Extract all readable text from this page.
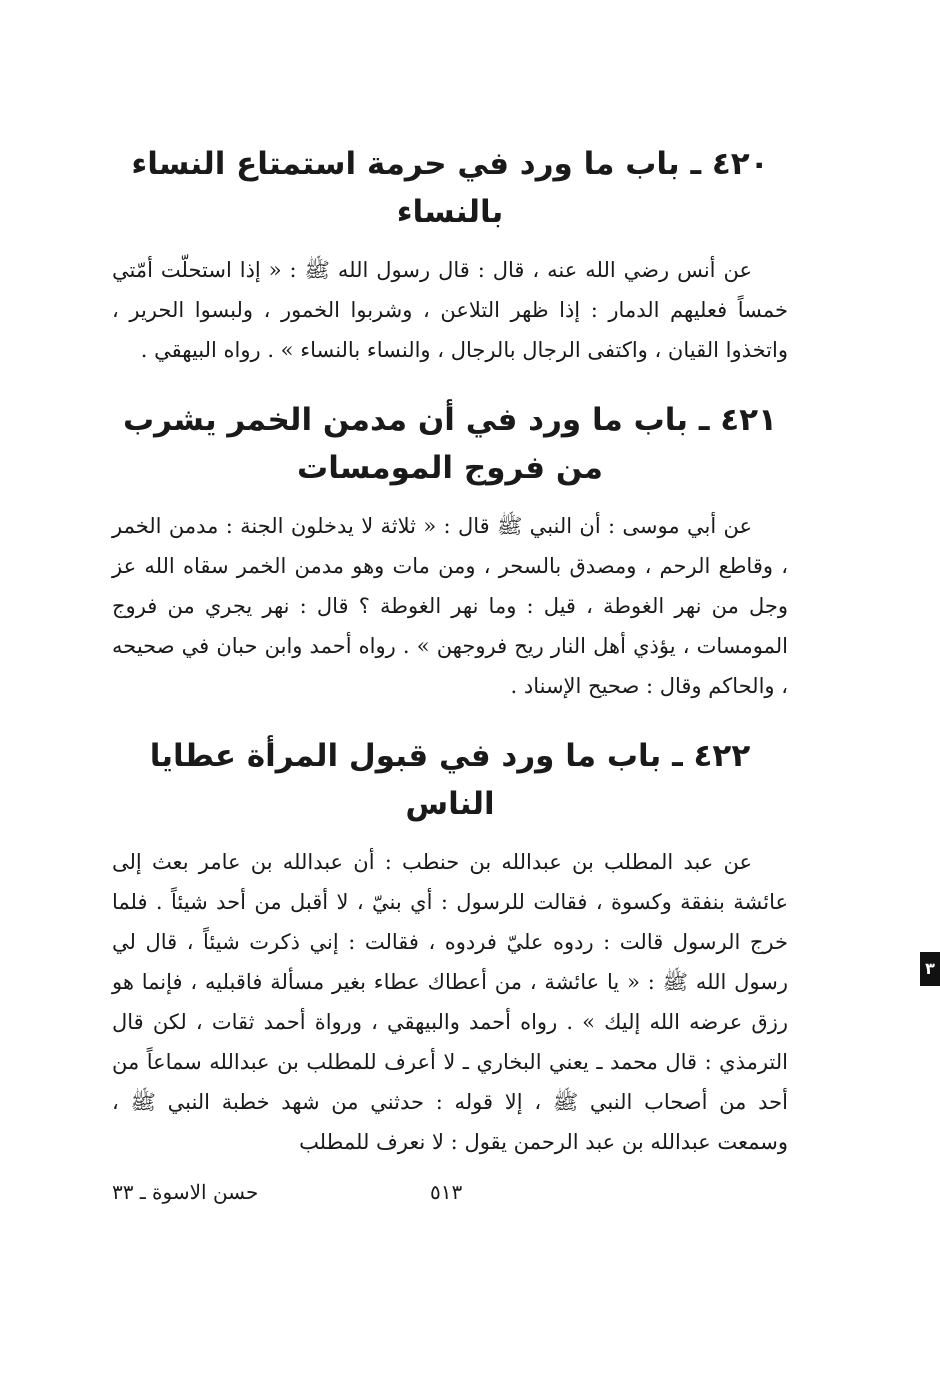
٤٢٠ ـ باب ما ورد في حرمة استمتاع النساء بالنساء

عن أنس رضي الله عنه ، قال : قال رسول الله ﷺ : « إذا استحلّت أمّتي خمساً فعليهم الدمار : إذا ظهر التلاعن ، وشربوا الخمور ، ولبسوا الحرير ، واتخذوا القيان ، واكتفى الرجال بالرجال ، والنساء بالنساء » . رواه البيهقي .

٤٢١ ـ باب ما ورد في أن مدمن الخمر يشرب من فروج المومسات

عن أبي موسى : أن النبي ﷺ قال : « ثلاثة لا يدخلون الجنة : مدمن الخمر ، وقاطع الرحم ، ومصدق بالسحر ، ومن مات وهو مدمن الخمر سقاه الله عز وجل من نهر الغوطة ، قيل : وما نهر الغوطة ؟ قال : نهر يجري من فروج المومسات ، يؤذي أهل النار ريح فروجهن » . رواه أحمد وابن حبان في صحيحه ، والحاكم وقال : صحيح الإسناد .

٤٢٢ ـ باب ما ورد في قبول المرأة عطايا الناس

عن عبد المطلب بن عبدالله بن حنطب : أن عبدالله بن عامر بعث إلى عائشة بنفقة وكسوة ، فقالت للرسول : أي بنيّ ، لا أقبل من أحد شيئاً . فلما خرج الرسول قالت : ردوه عليّ فردوه ، فقالت : إني ذكرت شيئاً ، قال لي رسول الله ﷺ : « يا عائشة ، من أعطاك عطاء بغير مسألة فاقبليه ، فإنما هو رزق عرضه الله إليك » . رواه أحمد والبيهقي ، ورواة أحمد ثقات ، لكن قال الترمذي : قال محمد ـ يعني البخاري ـ لا أعرف للمطلب بن عبدالله سماعاً من أحد من أصحاب النبي ﷺ ، إلا قوله : حدثني من شهد خطبة النبي ﷺ ، وسمعت عبدالله بن عبد الرحمن يقول : لا نعرف للمطلب

٥١٣
حسن الاسوة ـ ٣٣
٣
